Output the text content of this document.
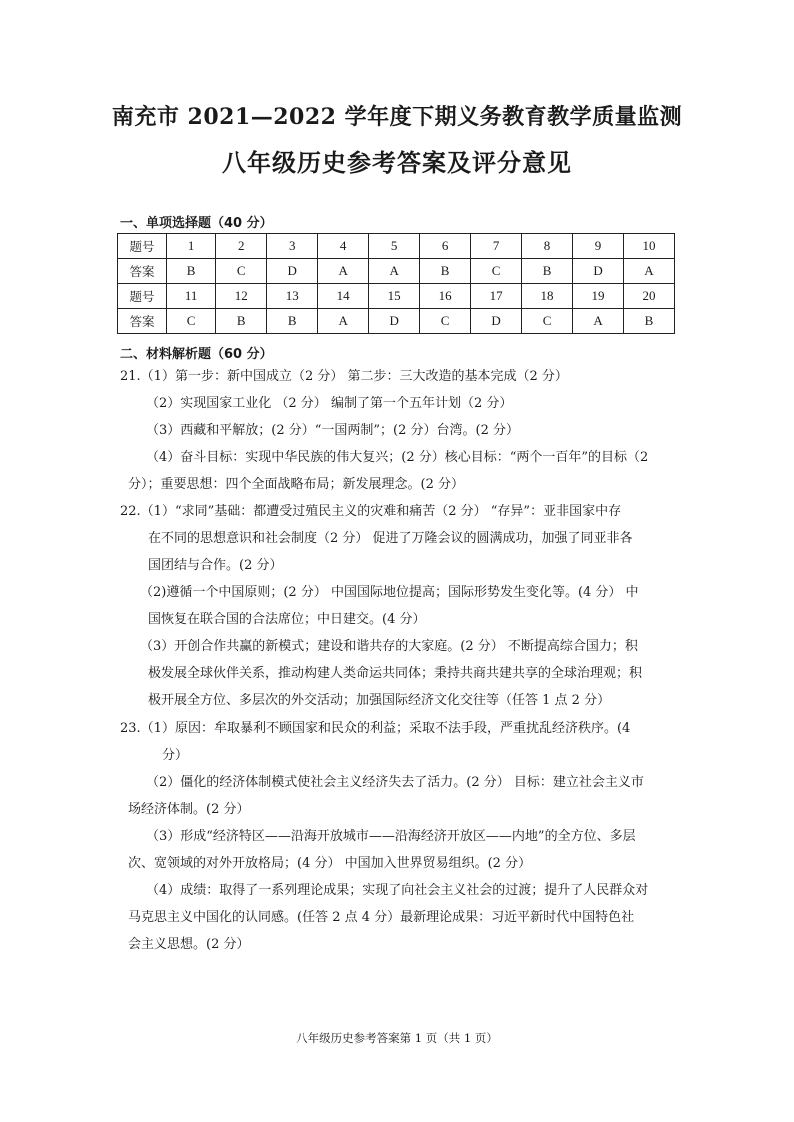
南充市 2021—2022 学年度下期义务教育教学质量监测
八年级历史参考答案及评分意见
一、单项选择题（40 分）
题号	1	2	3	4	5	6	7	8	9	10
答案	B	C	D	A	A	B	C	B	D	A
题号	11	12	13	14	15	16	17	18	19	20
答案	C	B	B	A	D	C	D	C	A	B
二、材料解析题（60 分）
21.（1）第一步：新中国成立（2 分） 第二步：三大改造的基本完成（2 分）
（2）实现国家工业化 （2 分） 编制了第一个五年计划（2 分）
（3）西藏和平解放；(2 分）“一国两制”；(2 分）台湾。(2 分）
（4）奋斗目标：实现中华民族的伟大复兴；(2 分）核心目标：“两个一百年”的目标（2
分）；重要思想：四个全面战略布局；新发展理念。(2 分）
22.（1）“求同”基础：都遭受过殖民主义的灾难和痛苦（2 分） “存异”：亚非国家中存
在不同的思想意识和社会制度（2 分） 促进了万隆会议的圆满成功，加强了同亚非各
国团结与合作。(2 分）
（2)遵循一个中国原则；(2 分） 中国国际地位提高；国际形势发生变化等。(4 分） 中
国恢复在联合国的合法席位；中日建交。(4 分）
（3）开创合作共赢的新模式；建设和谐共存的大家庭。(2 分） 不断提高综合国力；积
极发展全球伙伴关系，推动构建人类命运共同体；秉持共商共建共享的全球治理观；积
极开展全方位、多层次的外交活动；加强国际经济文化交往等（任答 1 点 2 分）
23.（1）原因：牟取暴利不顾国家和民众的利益；采取不法手段，严重扰乱经济秩序。(4
分）
（2）僵化的经济体制模式使社会主义经济失去了活力。(2 分） 目标：建立社会主义市
场经济体制。(2 分）
（3）形成“经济特区——沿海开放城市——沿海经济开放区——内地”的全方位、多层
次、宽领域的对外开放格局；(4 分） 中国加入世界贸易组织。(2 分）
（4）成绩：取得了一系列理论成果；实现了向社会主义社会的过渡；提升了人民群众对
马克思主义中国化的认同感。(任答 2 点 4 分）最新理论成果：习近平新时代中国特色社
会主义思想。(2 分）
八年级历史参考答案第 1 页（共 1 页）
